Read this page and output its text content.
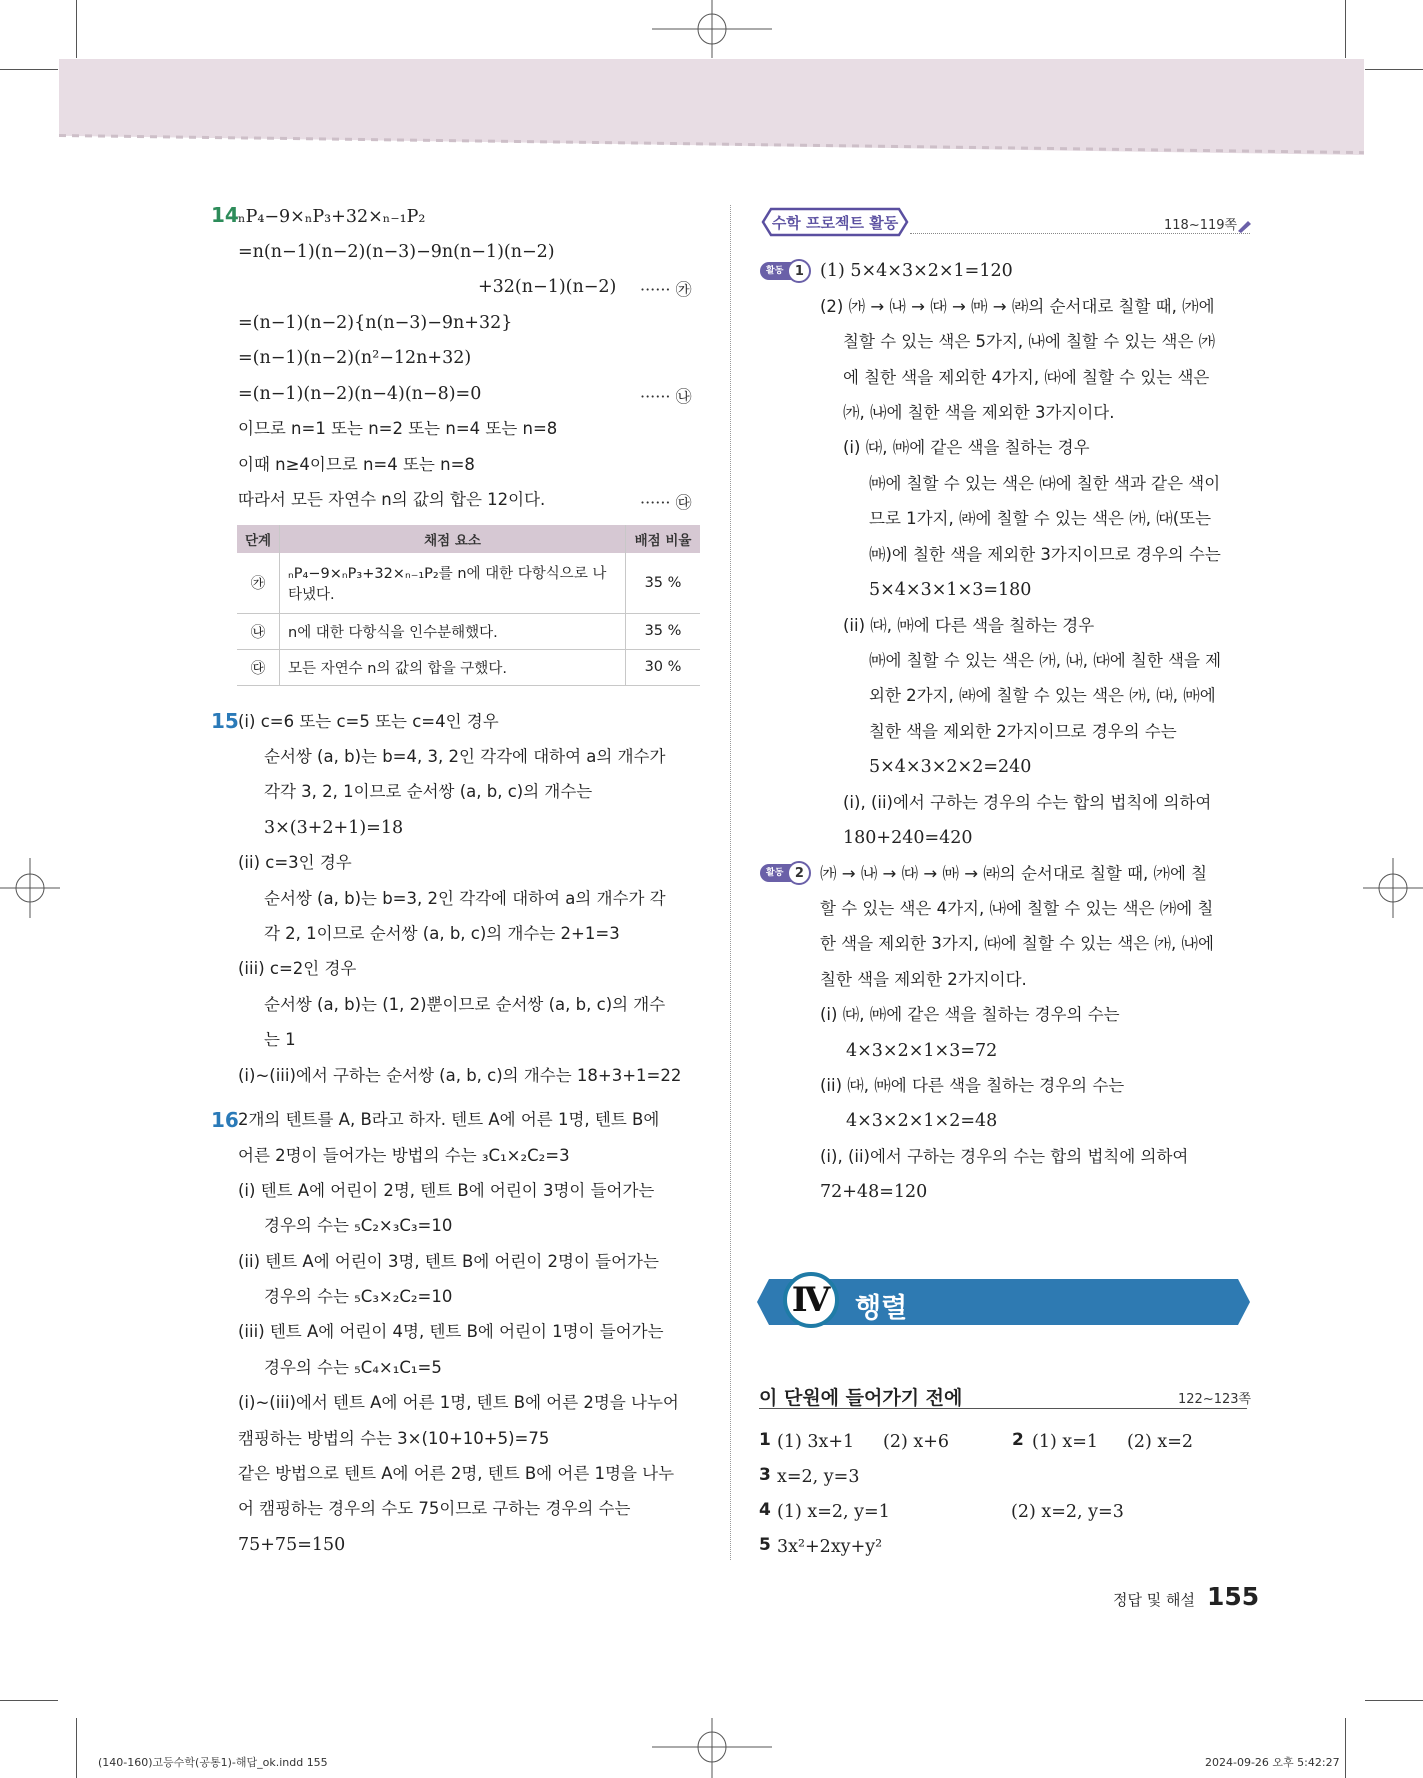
14 ₙP₄−9×ₙP₃+32×ₙ₋₁P₂
=n(n−1)(n−2)(n−3)−9n(n−1)(n−2)
+32(n−1)(n−2) ······ ㉮
=(n−1)(n−2){n(n−3)−9n+32}
=(n−1)(n−2)(n²−12n+32)
=(n−1)(n−2)(n−4)(n−8)=0	······ ㉯
이므로 n=1 또는 n=2 또는 n=4 또는 n=8
이때 n≥4이므로 n=4 또는 n=8
따라서 모든 자연수 n의 값의 합은 12이다.	······ ㉰
단계	채점 요소	배점 비율
㉮	ₙP₄−9×ₙP₃+32×ₙ₋₁P₂를 n에 대한 다항식으로 나타냈다.	35 %
㉯	n에 대한 다항식을 인수분해했다.	35 %
㉰	모든 자연수 n의 값의 합을 구했다.	30 %
15 (i) c=6 또는 c=5 또는 c=4인 경우
순서쌍 (a, b)는 b=4, 3, 2인 각각에 대하여 a의 개수가
각각 3, 2, 1이므로 순서쌍 (a, b, c)의 개수는
3×(3+2+1)=18
(ii) c=3인 경우
순서쌍 (a, b)는 b=3, 2인 각각에 대하여 a의 개수가 각
각 2, 1이므로 순서쌍 (a, b, c)의 개수는 2+1=3
(iii) c=2인 경우
순서쌍 (a, b)는 (1, 2)뿐이므로 순서쌍 (a, b, c)의 개수
는 1
(i)~(iii)에서 구하는 순서쌍 (a, b, c)의 개수는 18+3+1=22
16 2개의 텐트를 A, B라고 하자. 텐트 A에 어른 1명, 텐트 B에
어른 2명이 들어가는 방법의 수는 ₃C₁×₂C₂=3
(i) 텐트 A에 어린이 2명, 텐트 B에 어린이 3명이 들어가는
경우의 수는 ₅C₂×₃C₃=10
(ii) 텐트 A에 어린이 3명, 텐트 B에 어린이 2명이 들어가는
경우의 수는 ₅C₃×₂C₂=10
(iii) 텐트 A에 어린이 4명, 텐트 B에 어린이 1명이 들어가는
경우의 수는 ₅C₄×₁C₁=5
(i)~(iii)에서 텐트 A에 어른 1명, 텐트 B에 어른 2명을 나누어
캠핑하는 방법의 수는 3×(10+10+5)=75
같은 방법으로 텐트 A에 어른 2명, 텐트 B에 어른 1명을 나누
어 캠핑하는 경우의 수도 75이므로 구하는 경우의 수는
75+75=150
수학 프로젝트 활동	118~119쪽
활동 1 (1) 5×4×3×2×1=120
(2) ㈎ → ㈏ → ㈐ → ㈒ → ㈑의 순서대로 칠할 때, ㈎에
칠할 수 있는 색은 5가지, ㈏에 칠할 수 있는 색은 ㈎
에 칠한 색을 제외한 4가지, ㈐에 칠할 수 있는 색은
㈎, ㈏에 칠한 색을 제외한 3가지이다.
(i) ㈐, ㈒에 같은 색을 칠하는 경우
㈒에 칠할 수 있는 색은 ㈐에 칠한 색과 같은 색이
므로 1가지, ㈑에 칠할 수 있는 색은 ㈎, ㈐(또는
㈒)에 칠한 색을 제외한 3가지이므로 경우의 수는
5×4×3×1×3=180
(ii) ㈐, ㈒에 다른 색을 칠하는 경우
㈒에 칠할 수 있는 색은 ㈎, ㈏, ㈐에 칠한 색을 제
외한 2가지, ㈑에 칠할 수 있는 색은 ㈎, ㈐, ㈒에
칠한 색을 제외한 2가지이므로 경우의 수는
5×4×3×2×2=240
(i), (ii)에서 구하는 경우의 수는 합의 법칙에 의하여
180+240=420
활동 2 ㈎ → ㈏ → ㈐ → ㈒ → ㈑의 순서대로 칠할 때, ㈎에 칠
할 수 있는 색은 4가지, ㈏에 칠할 수 있는 색은 ㈎에 칠
한 색을 제외한 3가지, ㈐에 칠할 수 있는 색은 ㈎, ㈏에
칠한 색을 제외한 2가지이다.
(i) ㈐, ㈒에 같은 색을 칠하는 경우의 수는
4×3×2×1×3=72
(ii) ㈐, ㈒에 다른 색을 칠하는 경우의 수는
4×3×2×1×2=48
(i), (ii)에서 구하는 경우의 수는 합의 법칙에 의하여
72+48=120
Ⅳ 행렬
이 단원에 들어가기 전에	122~123쪽
1 (1) 3x+1 (2) x+6	2 (1) x=1 (2) x=2
3 x=2, y=3
4 (1) x=2, y=1	(2) x=2, y=3
5 3x²+2xy+y²
정답 및 해설 155
(140-160)고등수학(공통1)-해답_ok.indd 155	2024-09-26 오후 5:42:27
